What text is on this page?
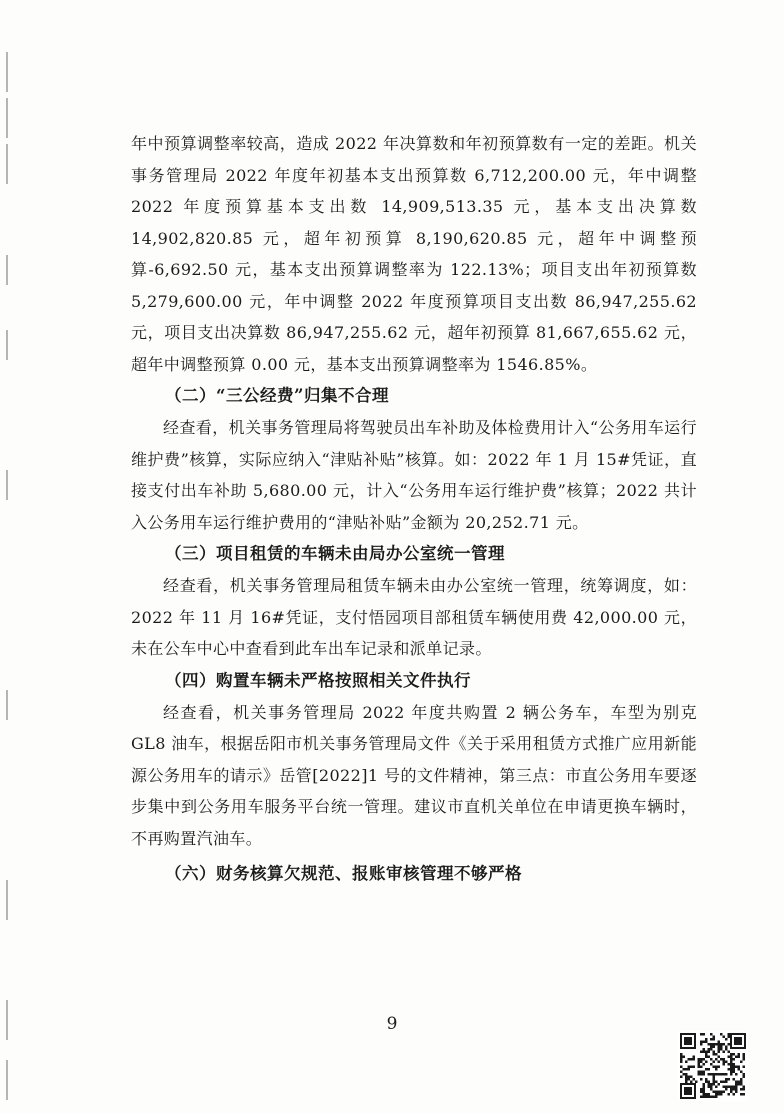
年中预算调整率较高，造成 2022 年决算数和年初预算数有一定的差距。机关事务管理局 2022 年度年初基本支出预算数 6,712,200.00 元，年中调整 2022 年度预算基本支出数 14,909,513.35 元，基本支出决算数 14,902,820.85 元，超年初预算 8,190,620.85 元，超年中调整预算-6,692.50 元，基本支出预算调整率为 122.13%；项目支出年初预算数 5,279,600.00 元，年中调整 2022 年度预算项目支出数 86,947,255.62 元，项目支出决算数 86,947,255.62 元，超年初预算 81,667,655.62 元，超年中调整预算 0.00 元，基本支出预算调整率为 1546.85%。

（二）“三公经费”归集不合理

经查看，机关事务管理局将驾驶员出车补助及体检费用计入“公务用车运行维护费”核算，实际应纳入“津贴补贴”核算。如：2022 年 1 月 15#凭证，直接支付出车补助 5,680.00 元，计入“公务用车运行维护费”核算；2022 共计入公务用车运行维护费用的“津贴补贴”金额为 20,252.71 元。

（三）项目租赁的车辆未由局办公室统一管理

经查看，机关事务管理局租赁车辆未由办公室统一管理，统筹调度，如：2022 年 11 月 16#凭证，支付悟园项目部租赁车辆使用费 42,000.00 元，未在公车中心中查看到此车出车记录和派单记录。

（四）购置车辆未严格按照相关文件执行

经查看，机关事务管理局 2022 年度共购置 2 辆公务车，车型为别克 GL8 油车，根据岳阳市机关事务管理局文件《关于采用租赁方式推广应用新能源公务用车的请示》岳管[2022]1 号的文件精神，第三点：市直公务用车要逐步集中到公务用车服务平台统一管理。建议市直机关单位在申请更换车辆时，不再购置汽油车。

（六）财务核算欠规范、报账审核管理不够严格

9
